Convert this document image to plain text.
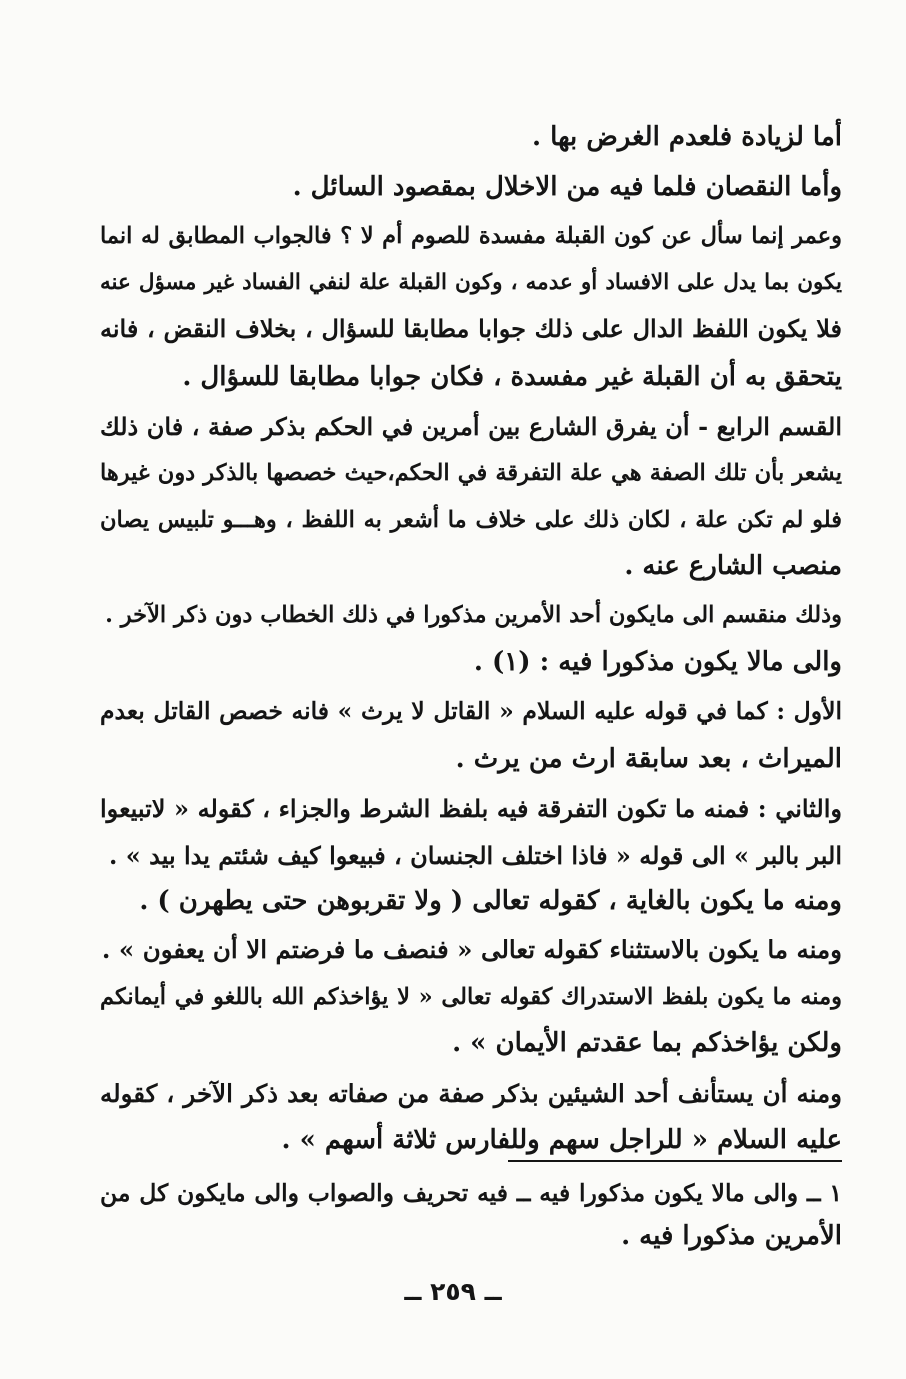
أما لزيادة فلعدم الغرض بها .
وأما النقصان فلما فيه من الاخلال بمقصود السائل .
وعمر إنما سأل عن كون القبلة مفسدة للصوم أم لا ؟ فالجواب المطابق له انما
يكون بما يدل على الافساد أو عدمه ، وكون القبلة علة لنفي الفساد غير مسؤل عنه
فلا يكون اللفظ الدال على ذلك جوابا مطابقا للسؤال ، بخلاف النقض ، فانه
يتحقق به أن القبلة غير مفسدة ، فكان جوابا مطابقا للسؤال .
القسم الرابع - أن يفرق الشارع بين أمرين في الحكم بذكر صفة ، فان ذلك
يشعر بأن تلك الصفة هي علة التفرقة في الحكم،حيث خصصها بالذكر دون غيرها
فلو لم تكن علة ، لكان ذلك على خلاف ما أشعر به اللفظ ، وهـــو تلبيس يصان
منصب الشارع عنه .
وذلك منقسم الى مايكون أحد الأمرين مذكورا في ذلك الخطاب دون ذكر الآخر .
والى مالا يكون مذكورا فيه : (١) .
الأول : كما في قوله عليه السلام « القاتل لا يرث » فانه خصص القاتل بعدم
الميراث ، بعد سابقة ارث من يرث .
والثاني : فمنه ما تكون التفرقة فيه بلفظ الشرط والجزاء ، كقوله « لاتبيعوا
البر بالبر » الى قوله « فاذا اختلف الجنسان ، فبيعوا كيف شئتم يدا بيد » .
ومنه ما يكون بالغاية ، كقوله تعالى ( ولا تقربوهن حتى يطهرن ) .
ومنه ما يكون بالاستثناء كقوله تعالى « فنصف ما فرضتم الا أن يعفون » .
ومنه ما يكون بلفظ الاستدراك كقوله تعالى « لا يؤاخذكم الله باللغو في أيمانكم
ولكن يؤاخذكم بما عقدتم الأيمان » .
ومنه أن يستأنف أحد الشيئين بذكر صفة من صفاته بعد ذكر الآخر ، كقوله
عليه السلام « للراجل سهم وللفارس ثلاثة أسهم » .
١ ــ والى مالا يكون مذكورا فيه ــ فيه تحريف والصواب والى مايكون كل من
الأمرين مذكورا فيه .
ــ ٢٥٩ ــ
